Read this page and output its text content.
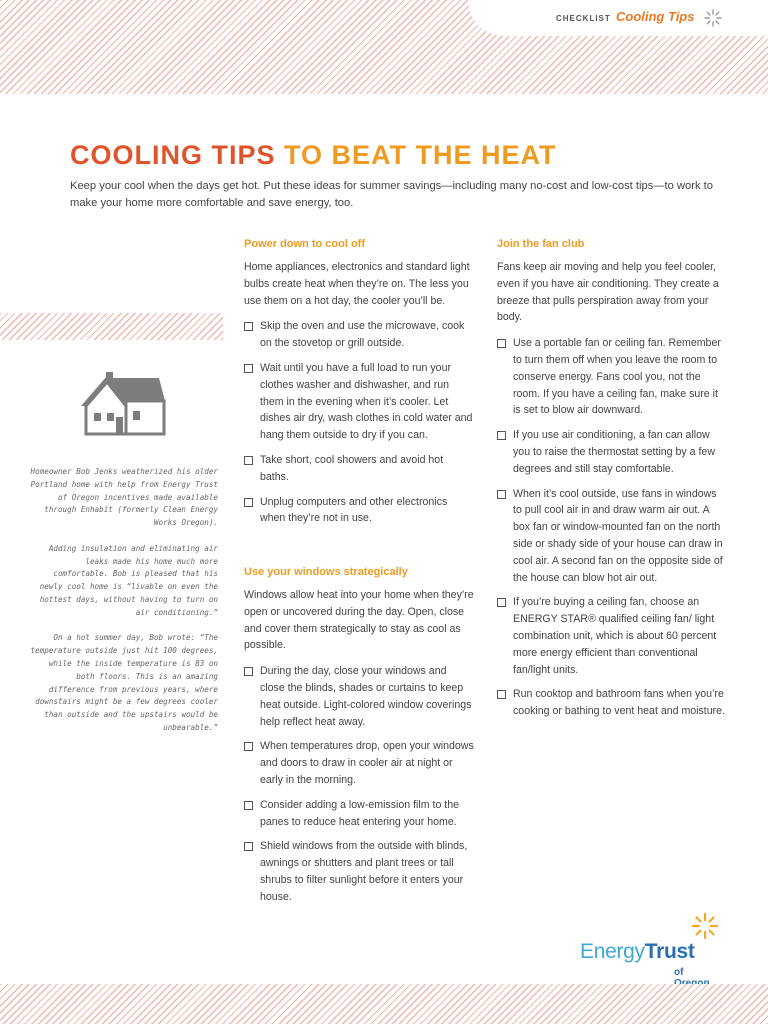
CHECKLIST Cooling Tips
COOLING TIPS TO BEAT THE HEAT
Keep your cool when the days get hot. Put these ideas for summer savings—including many no-cost and low-cost tips—to work to make your home more comfortable and save energy, too.

Homeowner Bob Jenks weatherized his older Portland home with help from Energy Trust of Oregon incentives made available through Enhabit (formerly Clean Energy Works Oregon).

Adding insulation and eliminating air leaks made his home much more comfortable. Bob is pleased that his newly cool home is “livable on even the hottest days, without having to turn on air conditioning.”

On a hot summer day, Bob wrote: “The temperature outside just hit 100 degrees, while the inside temperature is 83 on both floors. This is an amazing difference from previous years, where downstairs might be a few degrees cooler than outside and the upstairs would be unbearable.”

Power down to cool off

Home appliances, electronics and standard light bulbs create heat when they’re on. The less you use them on a hot day, the cooler you’ll be.

Skip the oven and use the microwave, cook on the stovetop or grill outside.
Wait until you have a full load to run your clothes washer and dishwasher, and run them in the evening when it’s cooler. Let dishes air dry, wash clothes in cold water and hang them outside to dry if you can.
Take short, cool showers and avoid hot baths.
Unplug computers and other electronics when they’re not in use.
Use your windows strategically

Windows allow heat into your home when they’re open or uncovered during the day. Open, close and cover them strategically to stay as cool as possible.

During the day, close your windows and close the blinds, shades or curtains to keep heat outside. Light-colored window coverings help reflect heat away.
When temperatures drop, open your windows and doors to draw in cooler air at night or early in the morning.
Consider adding a low-emission film to the panes to reduce heat entering your home.
Shield windows from the outside with blinds, awnings or shutters and plant trees or tall shrubs to filter sunlight before it enters your house.
Join the fan club

Fans keep air moving and help you feel cooler, even if you have air conditioning. They create a breeze that pulls perspiration away from your body.

Use a portable fan or ceiling fan. Remember to turn them off when you leave the room to conserve energy. Fans cool you, not the room. If you have a ceiling fan, make sure it is set to blow air downward.
If you use air conditioning, a fan can allow you to raise the thermostat setting by a few degrees and still stay comfortable.
When it’s cool outside, use fans in windows to pull cool air in and draw warm air out. A box fan or window-mounted fan on the north side or shady side of your house can draw in cool air. A second fan on the opposite side of the house can blow hot air out.
If you’re buying a ceiling fan, choose an ENERGY STAR® qualified ceiling fan/ light combination unit, which is about 60 percent more energy efficient than conventional fan/light units.
Run cooktop and bathroom fans when you’re cooking or bathing to vent heat and moisture.
EnergyTrust
of
